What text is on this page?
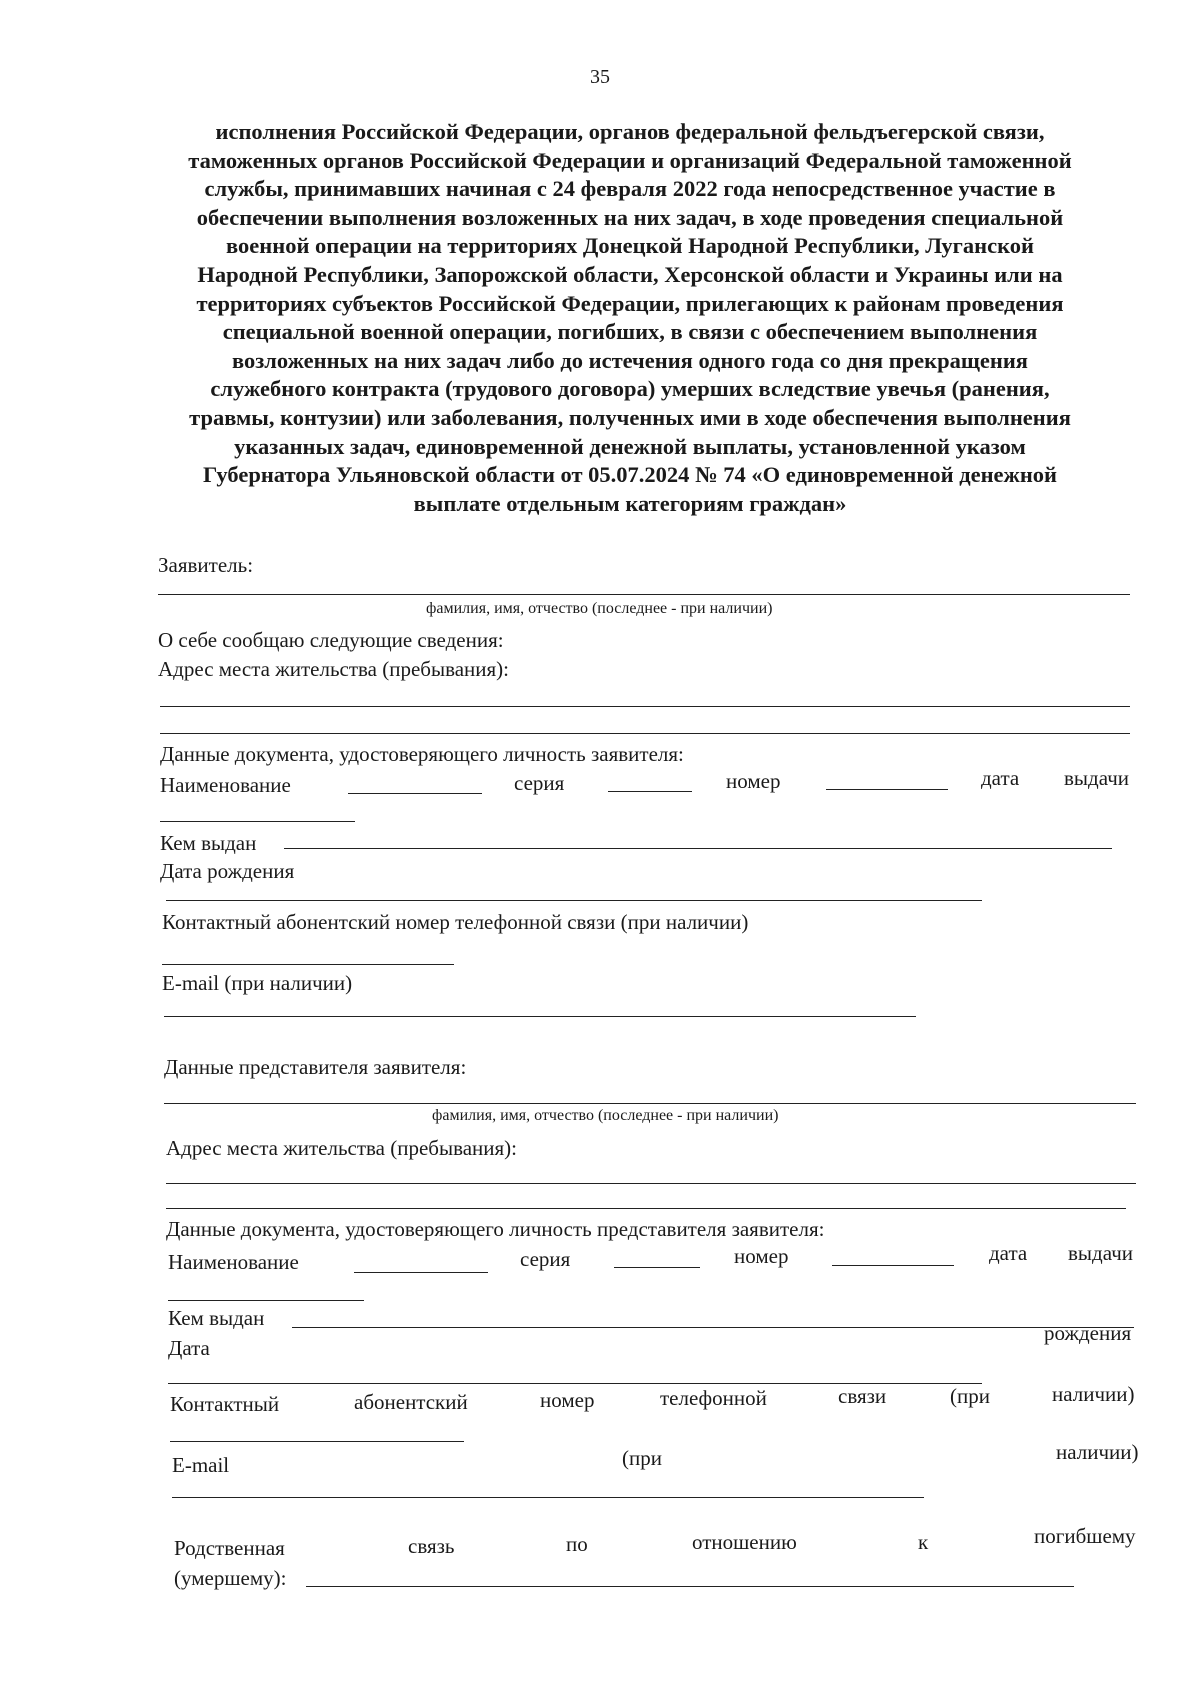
35
исполнения Российской Федерации, органов федеральной фельдъегерской связи,
таможенных органов Российской Федерации и организаций Федеральной таможенной
службы, принимавших начиная с 24 февраля 2022 года непосредственное участие в
обеспечении выполнения возложенных на них задач, в ходе проведения специальной
военной операции на территориях Донецкой Народной Республики, Луганской
Народной Республики, Запорожской области, Херсонской области и Украины или на
территориях субъектов Российской Федерации, прилегающих к районам проведения
специальной военной операции, погибших, в связи с обеспечением выполнения
возложенных на них задач либо до истечения одного года со дня прекращения
служебного контракта (трудового договора) умерших вследствие увечья (ранения,
травмы, контузии) или заболевания, полученных ими в ходе обеспечения выполнения
указанных задач, единовременной денежной выплаты, установленной указом
Губернатора Ульяновской области от 05.07.2024 № 74 «О единовременной денежной
выплате отдельным категориям граждан»
Заявитель:
фамилия, имя, отчество (последнее - при наличии)
О себе сообщаю следующие сведения:
Адрес места жительства (пребывания):
Данные документа, удостоверяющего личность заявителя:
Наименование	серия	номер	дата выдачи
Кем выдан
Дата рождения
Контактный абонентский номер телефонной связи (при наличии)
E-mail (при наличии)
Данные представителя заявителя:
фамилия, имя, отчество (последнее - при наличии)
Адрес места жительства (пребывания):
Данные документа, удостоверяющего личность представителя заявителя:
Наименование	серия	номер	дата выдачи
Кем выдан
Дата
рождения
Контактный	абонентский	номер	телефонной	связи	(при	наличии)
E-mail	(при	наличии)
Родственная	связь	по	отношению	к	погибшему
(умершему):
